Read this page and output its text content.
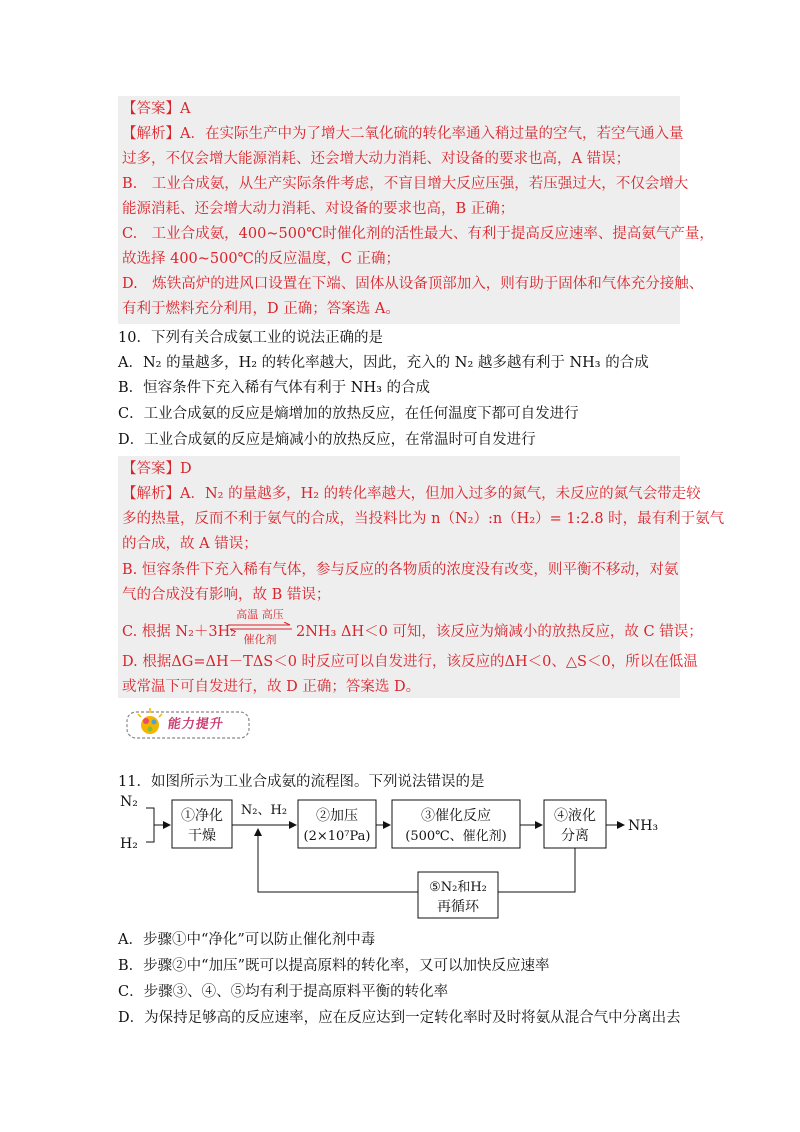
【答案】A
【解析】A．在实际生产中为了增大二氧化硫的转化率通入稍过量的空气，若空气通入量
过多，不仅会增大能源消耗、还会增大动力消耗、对设备的要求也高，A 错误；
B.　工业合成氨，从生产实际条件考虑，不盲目增大反应压强，若压强过大，不仅会增大
能源消耗、还会增大动力消耗、对设备的要求也高，B 正确；
C.　工业合成氨，400~500℃时催化剂的活性最大、有利于提高反应速率、提高氨气产量，
故选择 400~500℃的反应温度，C 正确；
D.　炼铁高炉的进风口设置在下端、固体从设备顶部加入，则有助于固体和气体充分接触、
有利于燃料充分利用，D 正确；答案选 A。
10．下列有关合成氨工业的说法正确的是
A．N₂ 的量越多，H₂ 的转化率越大，因此，充入的 N₂ 越多越有利于 NH₃ 的合成
B．恒容条件下充入稀有气体有利于 NH₃ 的合成
C．工业合成氨的反应是熵增加的放热反应，在任何温度下都可自发进行
D．工业合成氨的反应是熵减小的放热反应，在常温时可自发进行
【答案】D
【解析】A．N₂ 的量越多，H₂ 的转化率越大，但加入过多的氮气，未反应的氮气会带走较
多的热量，反而不利于氨气的合成，当投料比为 n（N₂）:n（H₂）= 1:2.8 时，最有利于氨气
的合成，故 A 错误；
B. 恒容条件下充入稀有气体，参与反应的各物质的浓度没有改变，则平衡不移动，对氨
气的合成没有影响，故 B 错误；
C. 根据 N₂＋3H₂
高温 高压
催化剂	2NH₃ ΔH＜0 可知，该反应为熵减小的放热反应，故 C 错误；
D. 根据ΔG=ΔH－TΔS＜0 时反应可以自发进行，该反应的ΔH＜0、△S＜0，所以在低温
或常温下可自发进行，故 D 正确；答案选 D。
能力提升
11．如图所示为工业合成氨的流程图。下列说法错误的是
N₂
H₂
①净化
干燥
N₂、H₂ ②加压
(2×10⁷Pa)
③催化反应
(500℃、催化剂)
④液化
分离
NH₃
⑤N₂和H₂
再循环
A．步骤①中“净化”可以防止催化剂中毒
B．步骤②中“加压”既可以提高原料的转化率，又可以加快反应速率
C．步骤③、④、⑤均有利于提高原料平衡的转化率
D．为保持足够高的反应速率，应在反应达到一定转化率时及时将氨从混合气中分离出去
